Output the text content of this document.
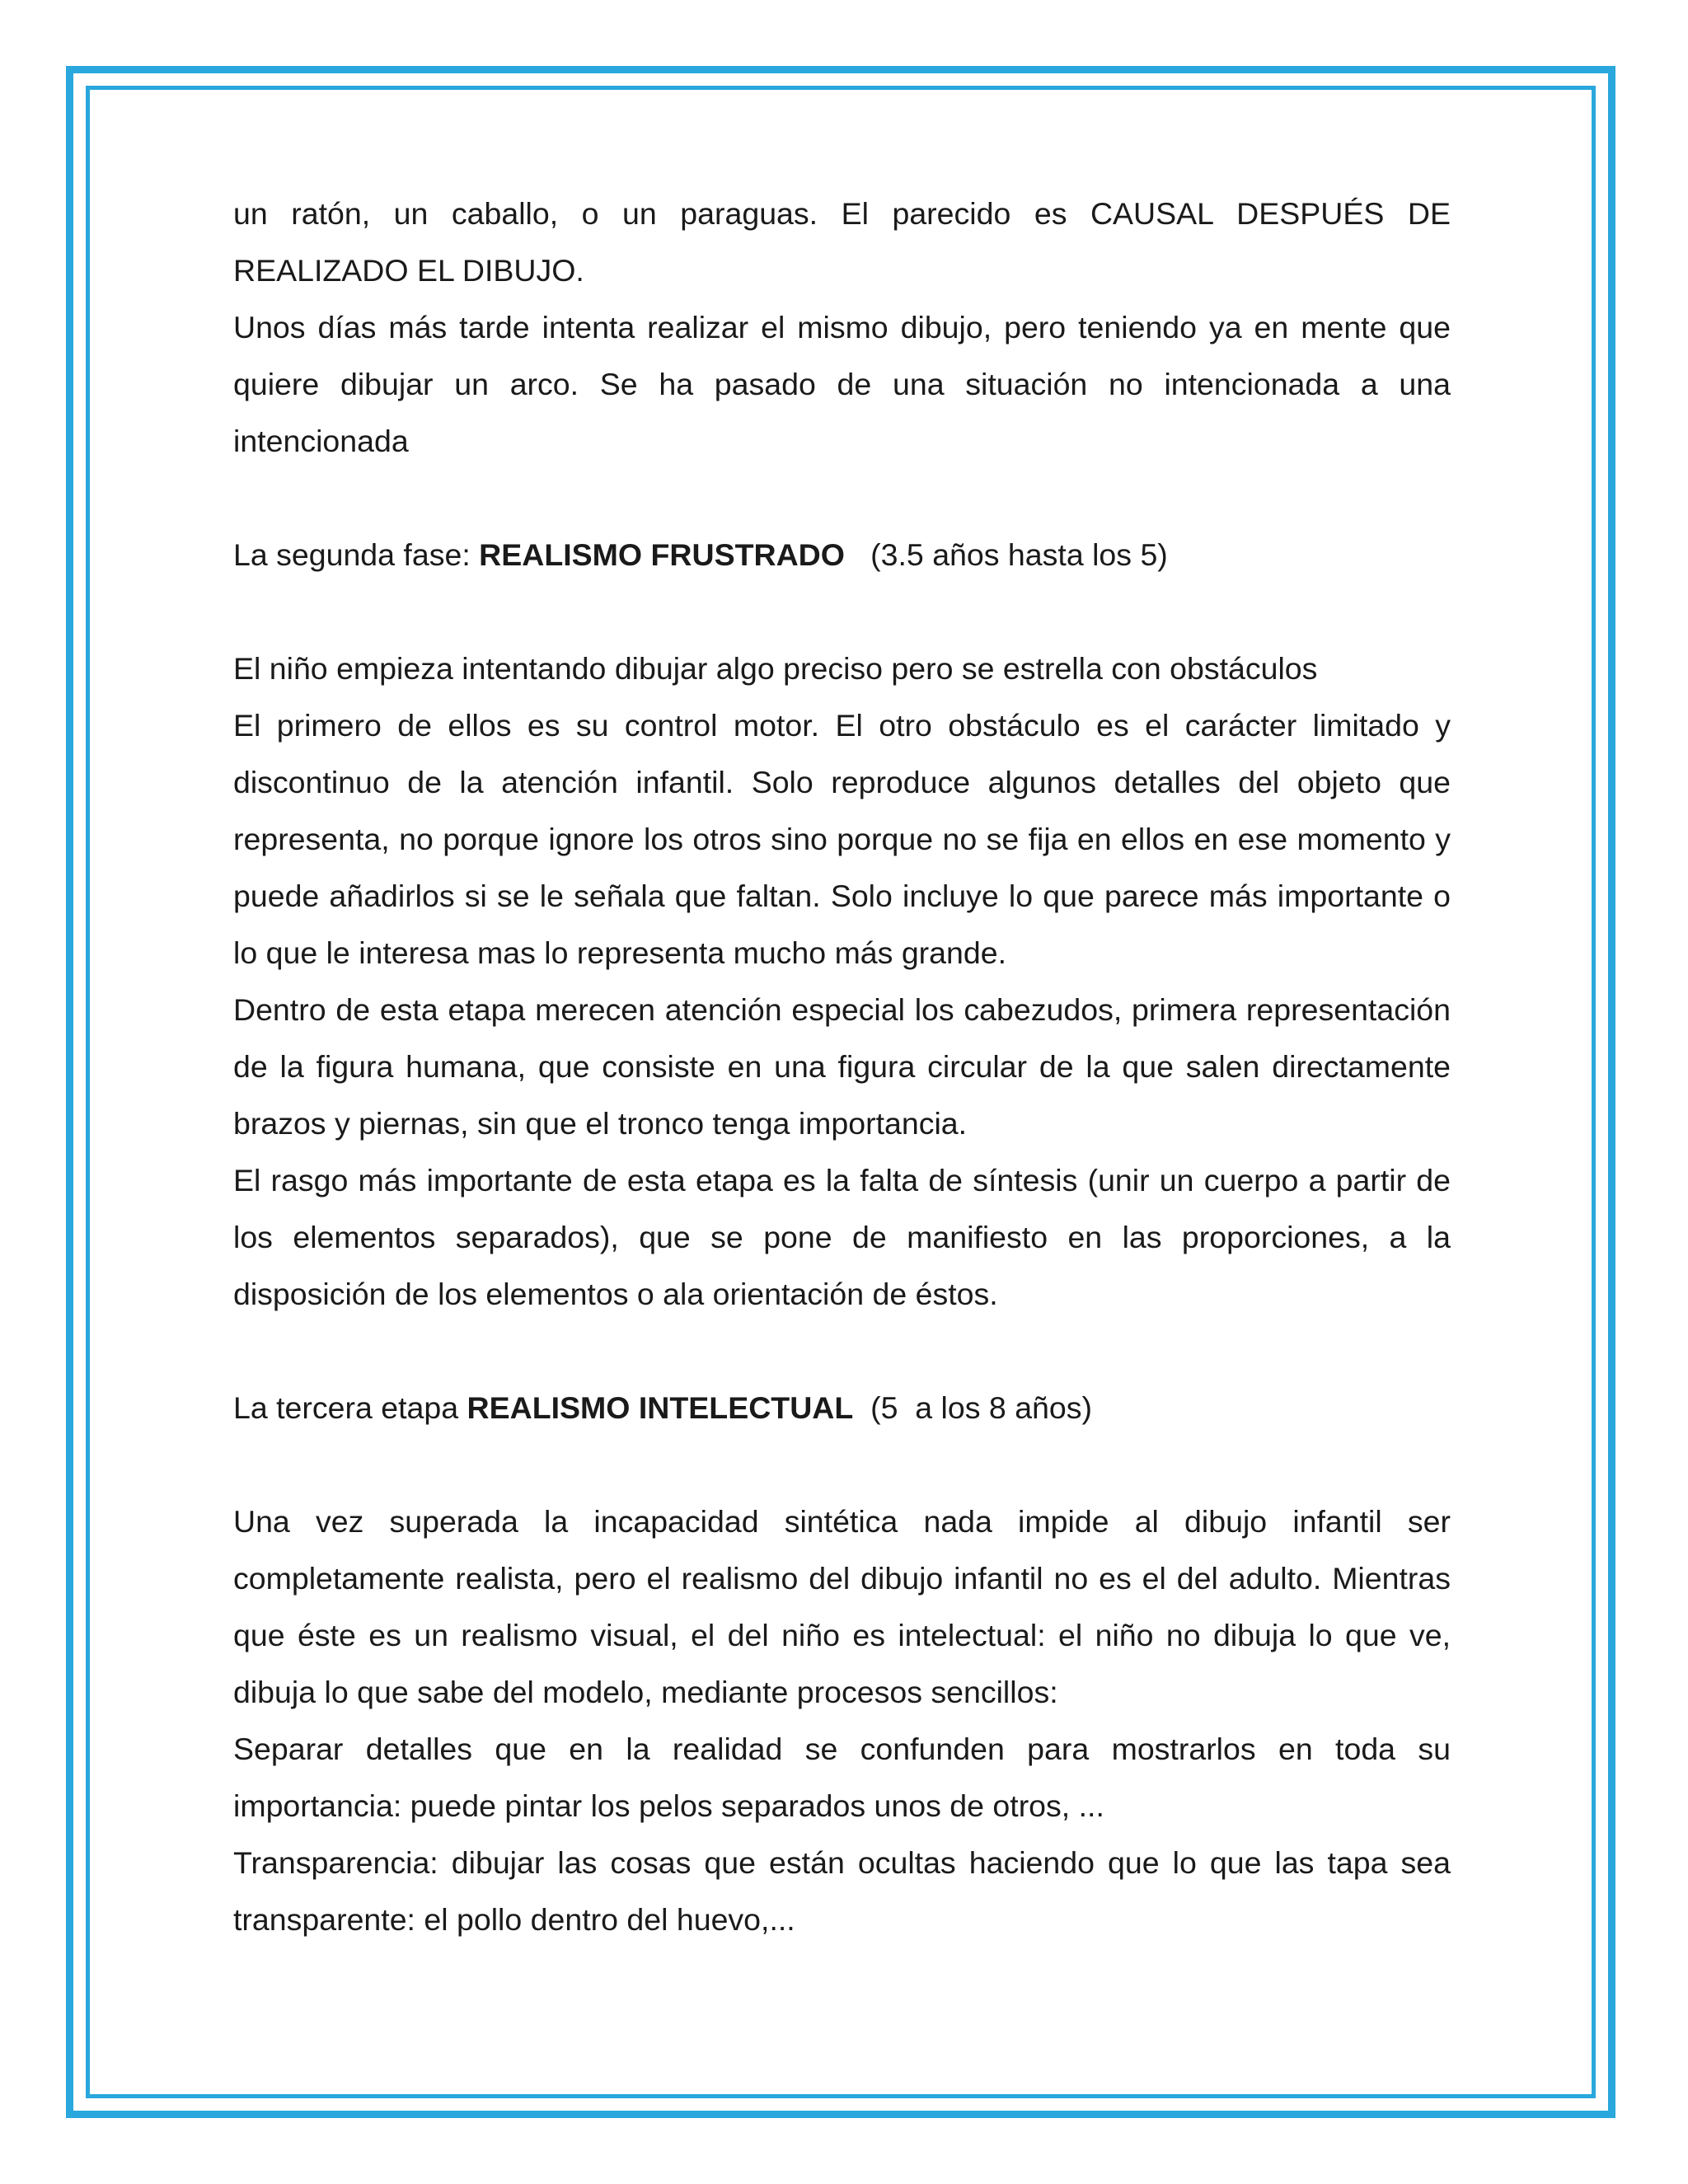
un ratón, un caballo, o un paraguas. El parecido es CAUSAL DESPUÉS DE REALIZADO EL DIBUJO.

Unos días más tarde intenta realizar el mismo dibujo, pero teniendo ya en mente que quiere dibujar un arco. Se ha pasado de una situación no intencionada a una intencionada

La segunda fase: REALISMO FRUSTRADO   (3.5 años hasta los 5)

El niño empieza intentando dibujar algo preciso pero se estrella con obstáculos

El primero de ellos es su control motor. El otro obstáculo es el carácter limitado y discontinuo de la atención infantil. Solo reproduce algunos detalles del objeto que representa, no porque ignore los otros sino porque no se fija en ellos en ese momento y puede añadirlos si se le señala que faltan. Solo incluye lo que parece más importante o lo que le interesa mas lo representa mucho más grande.

Dentro de esta etapa merecen atención especial los cabezudos, primera representación de la figura humana, que consiste en una figura circular de la que salen directamente brazos y piernas, sin que el tronco tenga importancia.

El rasgo más importante de esta etapa es la falta de síntesis (unir un cuerpo a partir de los elementos separados), que se pone de manifiesto en las proporciones, a la disposición de los elementos o ala orientación de éstos.

La tercera etapa REALISMO INTELECTUAL  (5  a los 8 años)

Una vez superada la incapacidad sintética nada impide al dibujo infantil ser completamente realista, pero el realismo del dibujo infantil no es el del adulto. Mientras que éste es un realismo visual, el del niño es intelectual: el niño no dibuja lo que ve, dibuja lo que sabe del modelo, mediante procesos sencillos:

Separar detalles que en la realidad se confunden para mostrarlos en toda su importancia: puede pintar los pelos separados unos de otros, ...

Transparencia: dibujar las cosas que están ocultas haciendo que lo que las tapa sea transparente: el pollo dentro del huevo,...
